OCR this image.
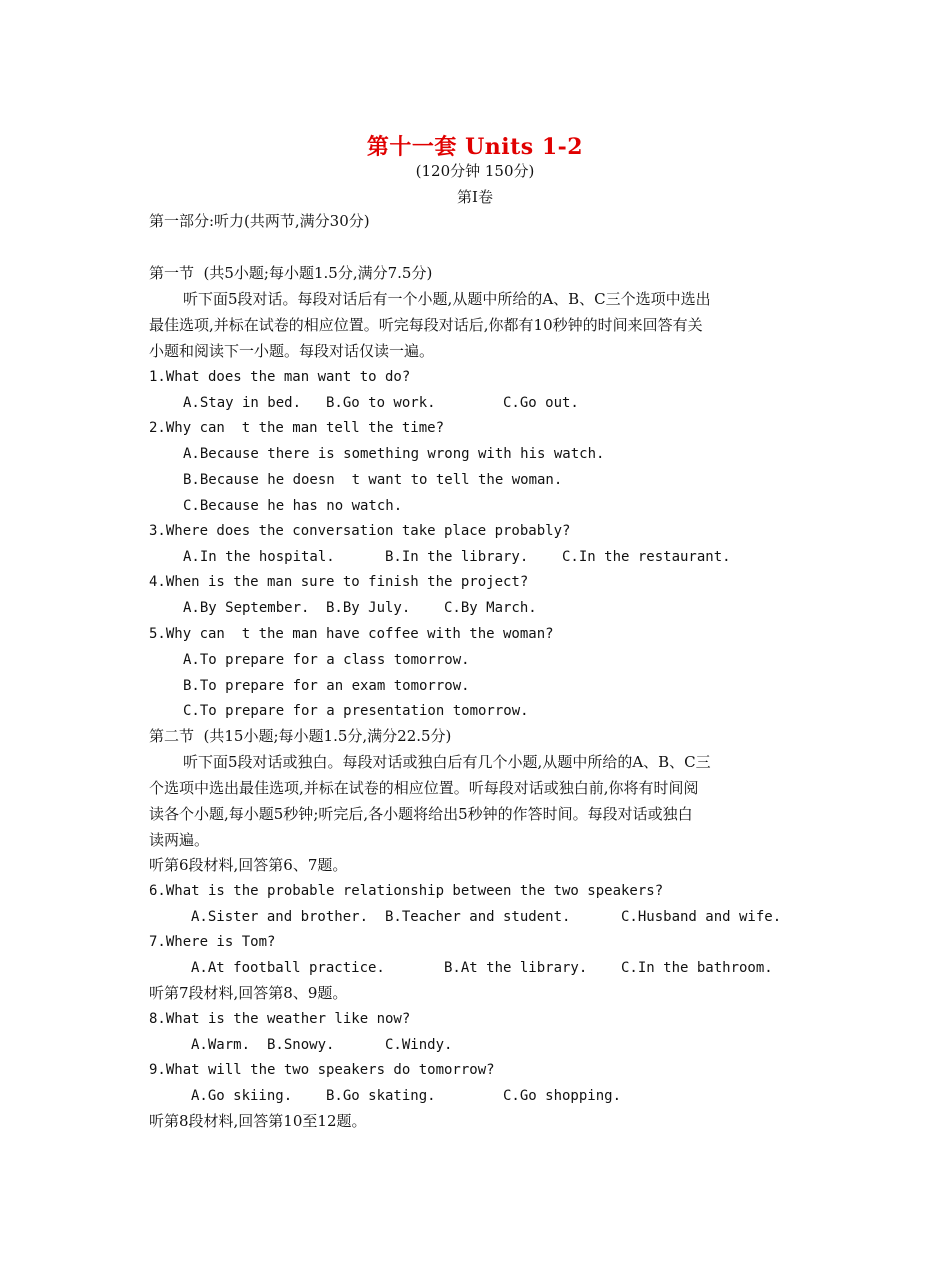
第十一套 Units 1-2
(120分钟 150分)
第Ⅰ卷
第一部分:听力(共两节,满分30分)
第一节  (共5小题;每小题1.5分,满分7.5分)
听下面5段对话。每段对话后有一个小题,从题中所给的A、B、C三个选项中选出
最佳选项,并标在试卷的相应位置。听完每段对话后,你都有10秒钟的时间来回答有关
小题和阅读下一小题。每段对话仅读一遍。
1.What does the man want to do?
A.Stay in bed. B.Go to work.	C.Go out.
2.Why can  t the man tell the time?
A.Because there is something wrong with his watch.
B.Because he doesn  t want to tell the woman.
C.Because he has no watch.
3.Where does the conversation take place probably?
A.In the hospital.	B.In the library. C.In the restaurant.
4.When is the man sure to finish the project?
A.By September. B.By July. C.By March.
5.Why can  t the man have coffee with the woman?
A.To prepare for a class tomorrow.
B.To prepare for an exam tomorrow.
C.To prepare for a presentation tomorrow.
第二节  (共15小题;每小题1.5分,满分22.5分)
听下面5段对话或独白。每段对话或独白后有几个小题,从题中所给的A、B、C三
个选项中选出最佳选项,并标在试卷的相应位置。听每段对话或独白前,你将有时间阅
读各个小题,每小题5秒钟;听完后,各小题将给出5秒钟的作答时间。每段对话或独白
读两遍。
听第6段材料,回答第6、7题。
6.What is the probable relationship between the two speakers?
A.Sister and brother. B.Teacher and student.	C.Husband and wife.
7.Where is Tom?
A.At football practice.	B.At the library. C.In the bathroom.
听第7段材料,回答第8、9题。
8.What is the weather like now?
A.Warm. B.Snowy.	C.Windy.
9.What will the two speakers do tomorrow?
A.Go skiing. B.Go skating.	C.Go shopping.
听第8段材料,回答第10至12题。
